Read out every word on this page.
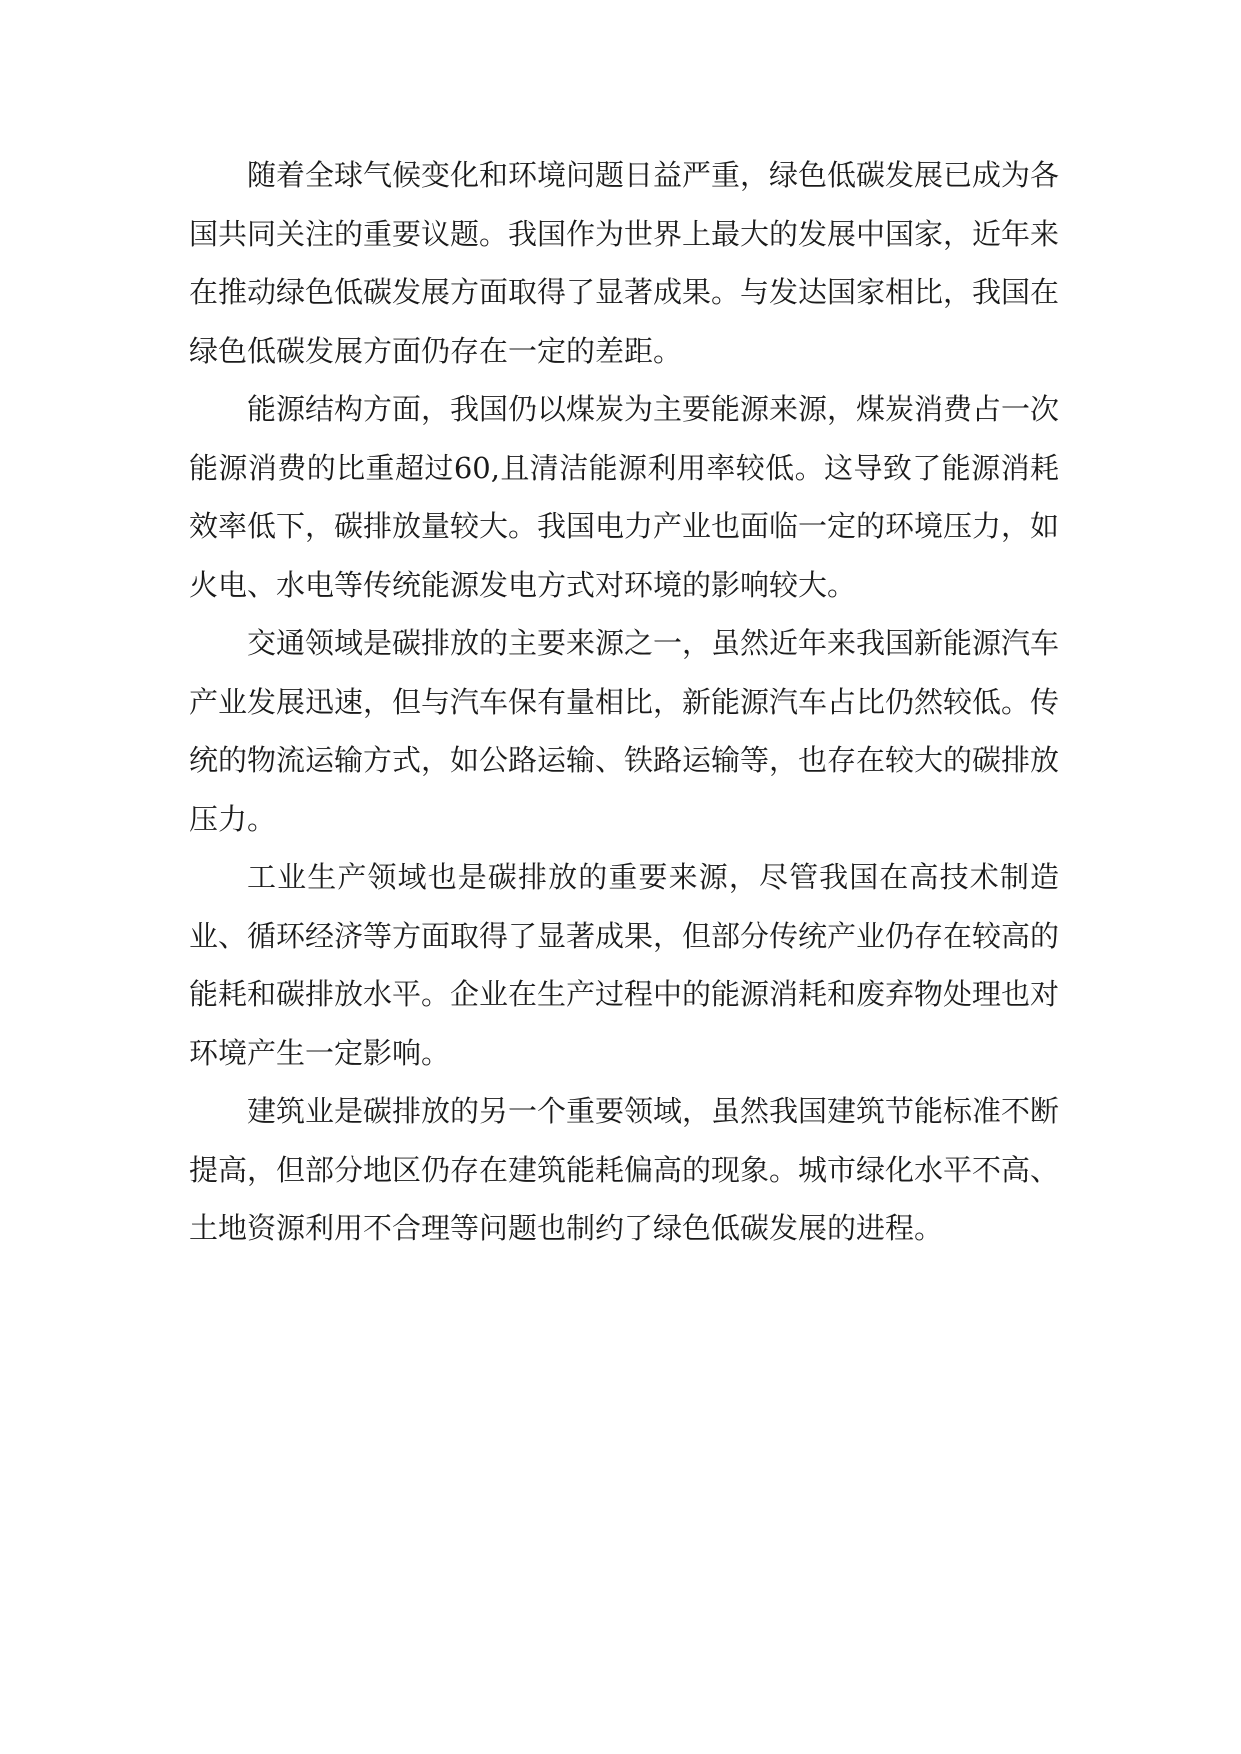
随着全球气候变化和环境问题日益严重，绿色低碳发展已成为各国共同关注的重要议题。我国作为世界上最大的发展中国家，近年来在推动绿色低碳发展方面取得了显著成果。与发达国家相比，我国在绿色低碳发展方面仍存在一定的差距。

能源结构方面，我国仍以煤炭为主要能源来源，煤炭消费占一次能源消费的比重超过60,且清洁能源利用率较低。这导致了能源消耗效率低下，碳排放量较大。我国电力产业也面临一定的环境压力，如火电、水电等传统能源发电方式对环境的影响较大。

交通领域是碳排放的主要来源之一，虽然近年来我国新能源汽车产业发展迅速，但与汽车保有量相比，新能源汽车占比仍然较低。传统的物流运输方式，如公路运输、铁路运输等，也存在较大的碳排放压力。

工业生产领域也是碳排放的重要来源，尽管我国在高技术制造业、循环经济等方面取得了显著成果，但部分传统产业仍存在较高的能耗和碳排放水平。企业在生产过程中的能源消耗和废弃物处理也对环境产生一定影响。

建筑业是碳排放的另一个重要领域，虽然我国建筑节能标准不断提高，但部分地区仍存在建筑能耗偏高的现象。城市绿化水平不高、土地资源利用不合理等问题也制约了绿色低碳发展的进程。
